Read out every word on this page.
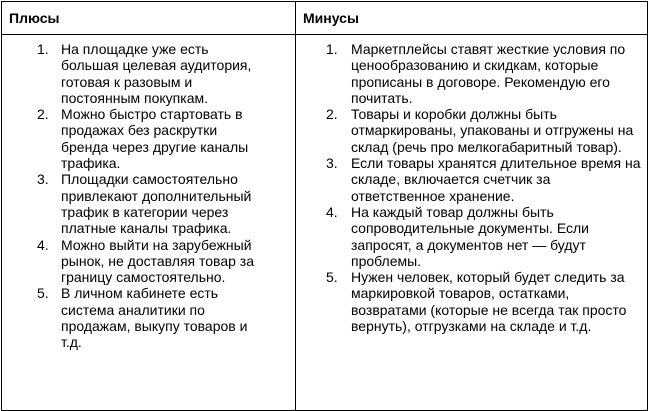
Плюсы	Минусы
1. На площадке уже есть большая целевая аудитория, готовая к разовым и постоянным покупкам.
2. Можно быстро стартовать в продажах без раскрутки бренда через другие каналы трафика.
3. Площадки самостоятельно привлекают дополнительный трафик в категории через платные каналы трафика.
4. Можно выйти на зарубежный рынок, не доставляя товар за границу самостоятельно.
5. В личном кабинете есть система аналитики по продажам, выкупу товаров и т.д.
1. Маркетплейсы ставят жесткие условия по ценообразованию и скидкам, которые прописаны в договоре. Рекомендую его почитать.
2. Товары и коробки должны быть отмаркированы, упакованы и отгружены на склад (речь про мелкогабаритный товар).
3. Если товары хранятся длительное время на складе, включается счетчик за ответственное хранение.
4. На каждый товар должны быть сопроводительные документы. Если запросят, а документов нет — будут проблемы.
5. Нужен человек, который будет следить за маркировкой товаров, остатками, возвратами (которые не всегда так просто вернуть), отгрузками на складе и т.д.
